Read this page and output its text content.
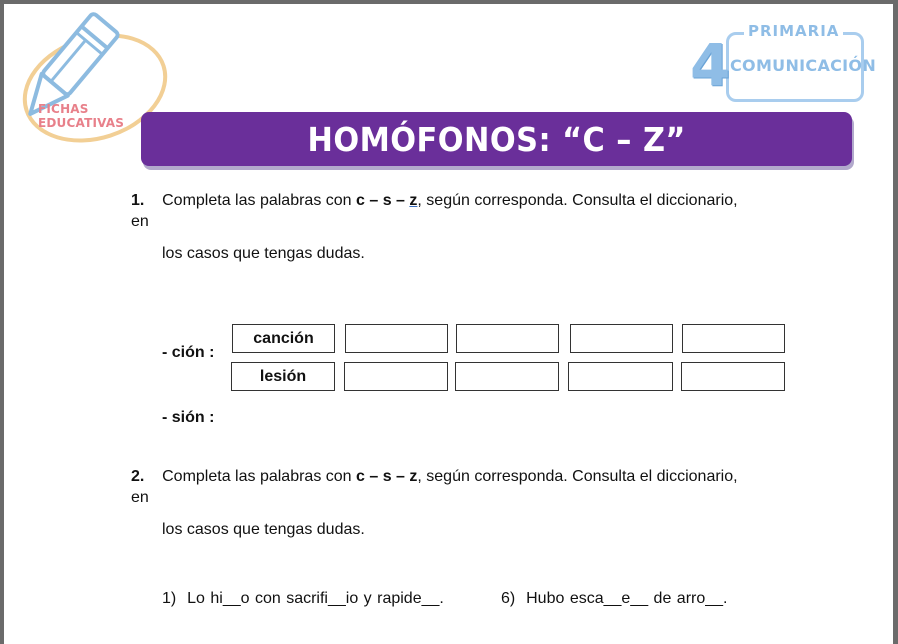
FICHAS
EDUCATIVAS
PRIMARIA
4 COMUNICACIÓN
HOMÓFONOS: “C – Z”
1. Completa las palabras con c – s – z, según corresponda. Consulta el diccionario,
en
los casos que tengas dudas.
- ción :
canción
lesión
- sión :
2. Completa las palabras con c – s – z, según corresponda. Consulta el diccionario,
en
los casos que tengas dudas.
1) Lo hi__o con sacrifi__io y rapide__.	6) Hubo esca__e__ de arro__.
